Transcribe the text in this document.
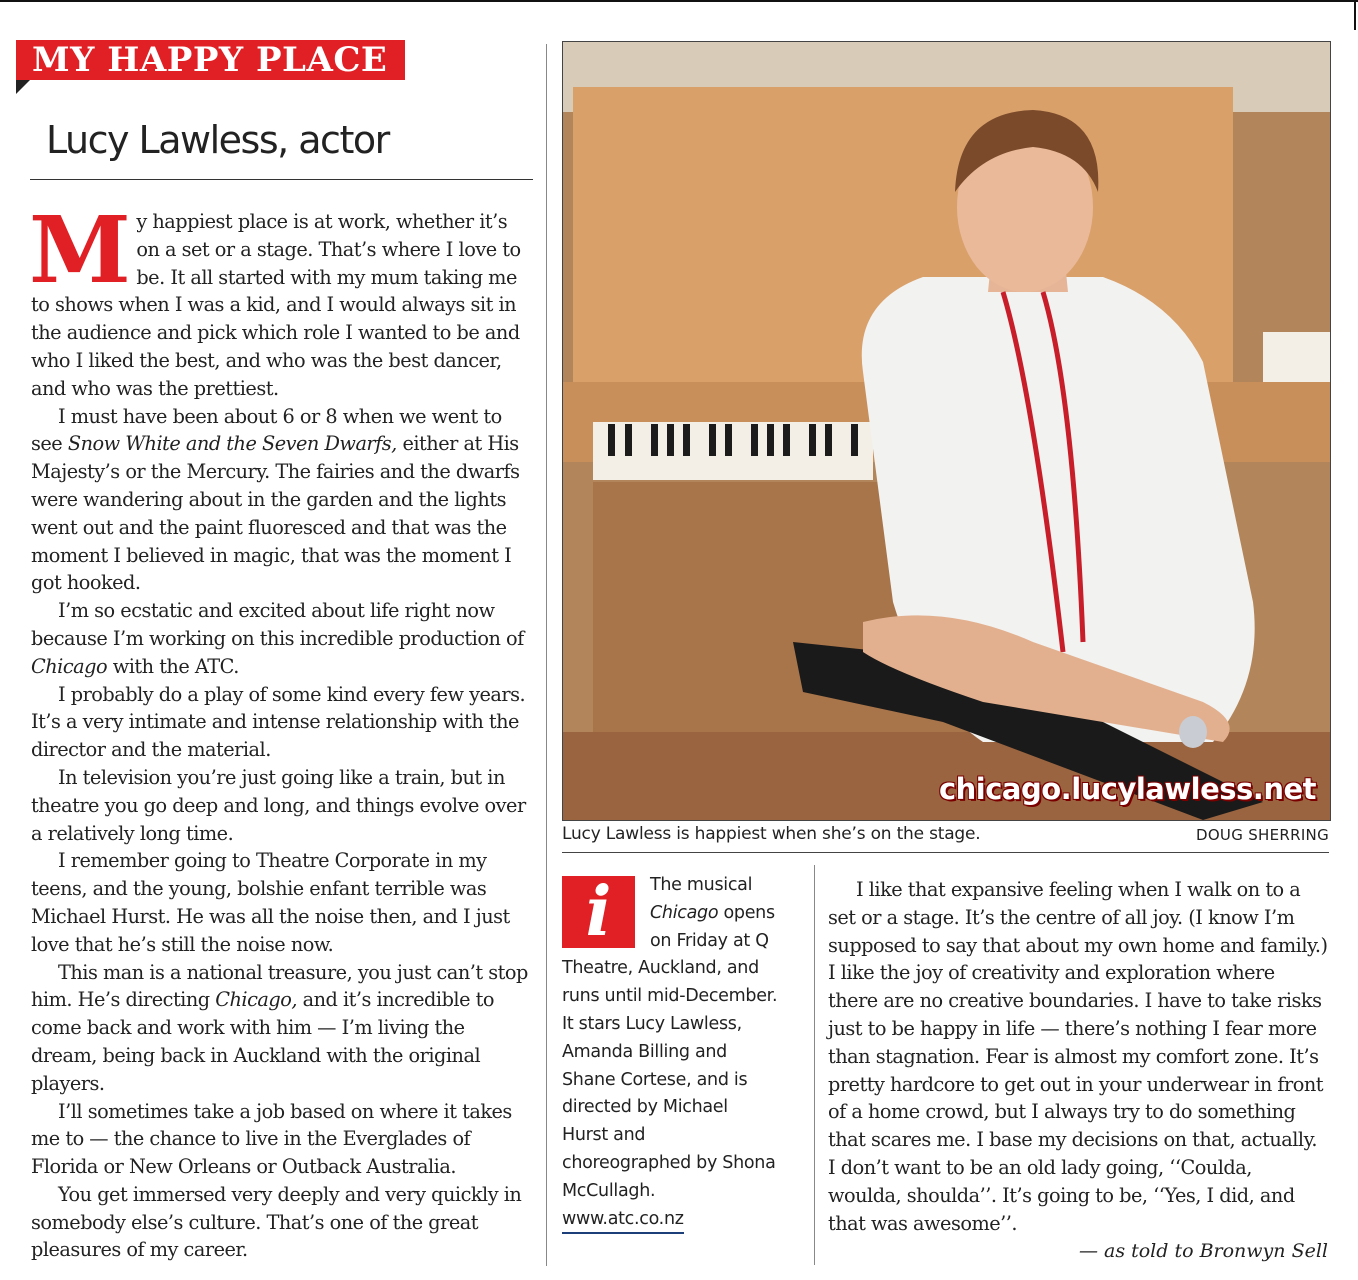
MY HAPPY PLACE
Lucy Lawless, actor

My happiest place is at work, whether it’s on a set or a stage. That’s where I love to be. It all started with my mum taking me to shows when I was a kid, and I would always sit in the audience and pick which role I wanted to be and who I liked the best, and who was the best dancer, and who was the prettiest.

I must have been about 6 or 8 when we went to see Snow White and the Seven Dwarfs, either at His Majesty’s or the Mercury. The fairies and the dwarfs were wandering about in the garden and the lights went out and the paint fluoresced and that was the moment I believed in magic, that was the moment I got hooked.

I’m so ecstatic and excited about life right now because I’m working on this incredible production of Chicago with the ATC.

I probably do a play of some kind every few years. It’s a very intimate and intense relationship with the director and the material.

In television you’re just going like a train, but in theatre you go deep and long, and things evolve over a relatively long time.

I remember going to Theatre Corporate in my teens, and the young, bolshie enfant terrible was Michael Hurst. He was all the noise then, and I just love that he’s still the noise now.

This man is a national treasure, you just can’t stop him. He’s directing Chicago, and it’s incredible to come back and work with him — I’m living the dream, being back in Auckland with the original players.

I’ll sometimes take a job based on where it takes me to — the chance to live in the Everglades of Florida or New Orleans or Outback Australia.

You get immersed very deeply and very quickly in somebody else’s culture. That’s one of the great pleasures of my career.

chicago.lucylawless.net
Lucy Lawless is happiest when she’s on the stage.	DOUG SHERRING
i	The musical
Chicago opens
on Friday at Q
Theatre, Auckland, and
runs until mid-December.
It stars Lucy Lawless,
Amanda Billing and
Shane Cortese, and is
directed by Michael
Hurst and
choreographed by Shona
McCullagh.
www.atc.co.nz

I like that expansive feeling when I walk on to a set or a stage. It’s the centre of all joy. (I know I’m supposed to say that about my own home and family.) I like the joy of creativity and exploration where there are no creative boundaries. I have to take risks just to be happy in life — there’s nothing I fear more than stagnation. Fear is almost my comfort zone. It’s pretty hardcore to get out in your underwear in front of a home crowd, but I always try to do something that scares me. I base my decisions on that, actually. I don’t want to be an old lady going, ‘‘Coulda, woulda, shoulda’’. It’s going to be, ‘‘Yes, I did, and that was awesome’’.

— as told to Bronwyn Sell
